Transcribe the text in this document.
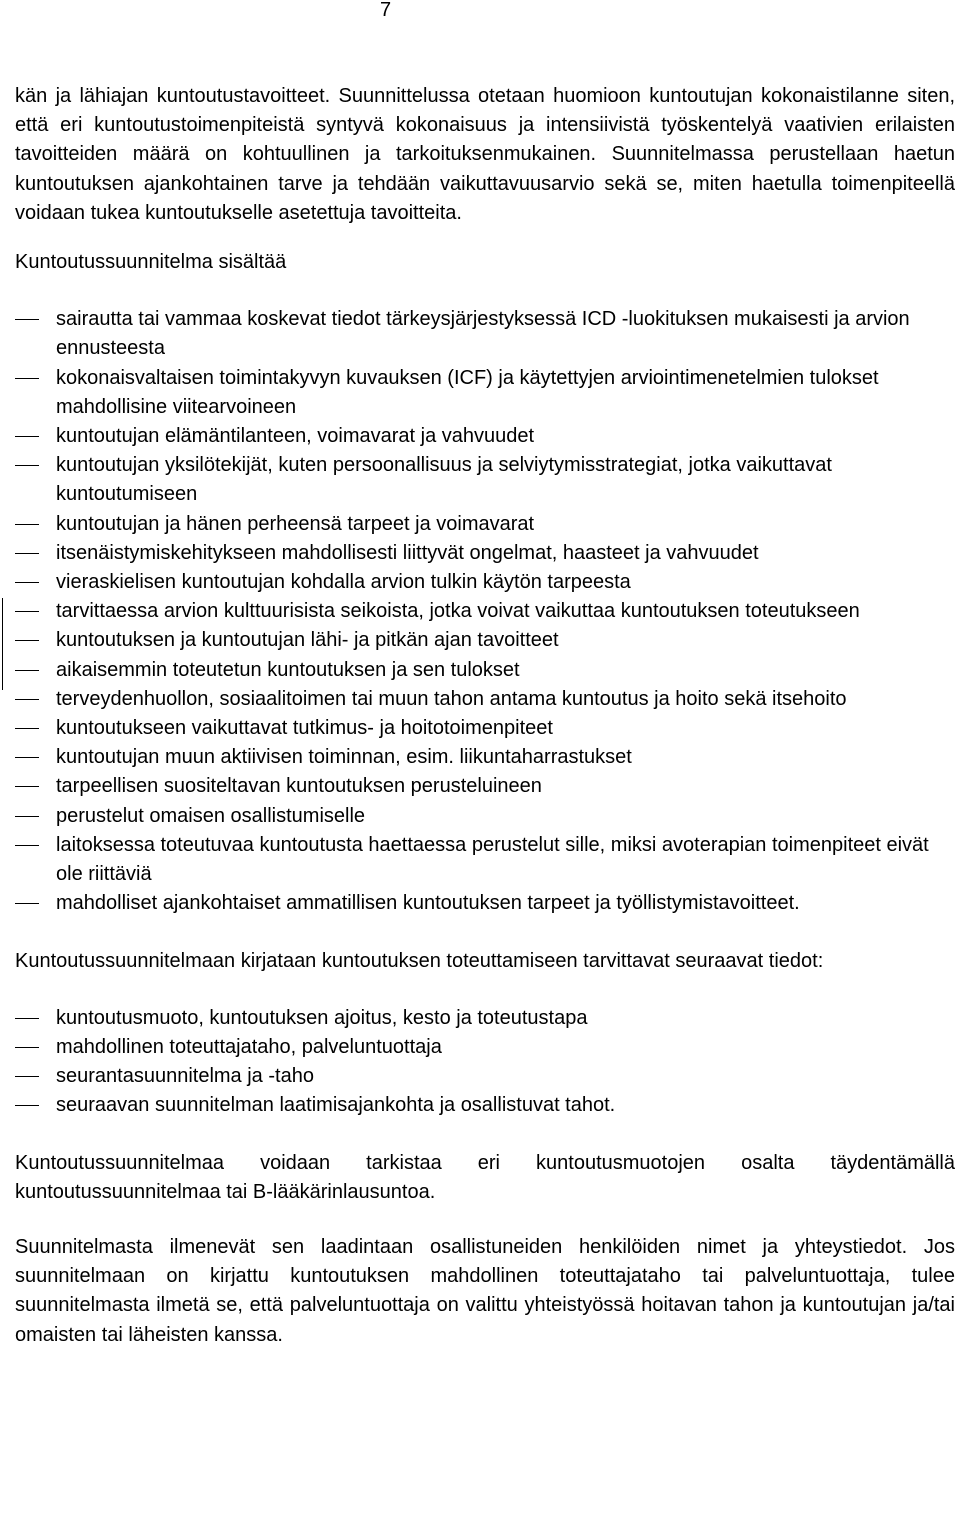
7

kän ja lähiajan kuntoutustavoitteet. Suunnittelussa otetaan huomioon kuntoutujan kokonaistilanne siten, että eri kuntoutustoimenpiteistä syntyvä kokonaisuus ja intensiivistä työskentelyä vaativien erilaisten tavoitteiden määrä on kohtuullinen ja tarkoituksenmukainen. Suunnitelmassa perustellaan haetun kuntoutuksen ajankohtainen tarve ja tehdään vaikuttavuusarvio sekä se, miten haetulla toimenpiteellä voidaan tukea kuntoutukselle asetettuja tavoitteita.

Kuntoutussuunnitelma sisältää

sairautta tai vammaa koskevat tiedot tärkeysjärjestyksessä ICD -luokituksen mukaisesti ja arvion ennusteesta
kokonaisvaltaisen toimintakyvyn kuvauksen (ICF) ja käytettyjen arviointimenetelmien tulokset mahdollisine viitearvoineen
kuntoutujan elämäntilanteen, voimavarat ja vahvuudet
kuntoutujan yksilötekijät, kuten persoonallisuus ja selviytymisstrategiat, jotka vaikuttavat kuntoutumiseen
kuntoutujan ja hänen perheensä tarpeet ja voimavarat
itsenäistymiskehitykseen mahdollisesti liittyvät ongelmat, haasteet ja vahvuudet
vieraskielisen kuntoutujan kohdalla arvion tulkin käytön tarpeesta
tarvittaessa arvion kulttuurisista seikoista, jotka voivat vaikuttaa kuntoutuksen toteutukseen
kuntoutuksen ja kuntoutujan lähi- ja pitkän ajan tavoitteet
aikaisemmin toteutetun kuntoutuksen ja sen tulokset
terveydenhuollon, sosiaalitoimen tai muun tahon antama kuntoutus ja hoito sekä itsehoito
kuntoutukseen vaikuttavat tutkimus- ja hoitotoimenpiteet
kuntoutujan muun aktiivisen toiminnan, esim. liikuntaharrastukset
tarpeellisen suositeltavan kuntoutuksen perusteluineen
perustelut omaisen osallistumiselle
laitoksessa toteutuvaa kuntoutusta haettaessa perustelut sille, miksi avoterapian toimenpiteet eivät ole riittäviä
mahdolliset ajankohtaiset ammatillisen kuntoutuksen tarpeet ja työllistymistavoitteet.

Kuntoutussuunnitelmaan kirjataan kuntoutuksen toteuttamiseen tarvittavat seuraavat tiedot:

kuntoutusmuoto, kuntoutuksen ajoitus, kesto ja toteutustapa
mahdollinen toteuttajataho, palveluntuottaja
seurantasuunnitelma ja -taho
seuraavan suunnitelman laatimisajankohta ja osallistuvat tahot.

Kuntoutussuunnitelmaa voidaan tarkistaa eri kuntoutusmuotojen osalta täydentämällä kuntoutussuunnitelmaa tai B-lääkärinlausuntoa.

Suunnitelmasta ilmenevät sen laadintaan osallistuneiden henkilöiden nimet ja yhteystiedot. Jos suunnitelmaan on kirjattu kuntoutuksen mahdollinen toteuttajataho tai palveluntuottaja, tulee suunnitelmasta ilmetä se, että palveluntuottaja on valittu yhteistyössä hoitavan tahon ja kuntoutujan ja/tai omaisten tai läheisten kanssa.
